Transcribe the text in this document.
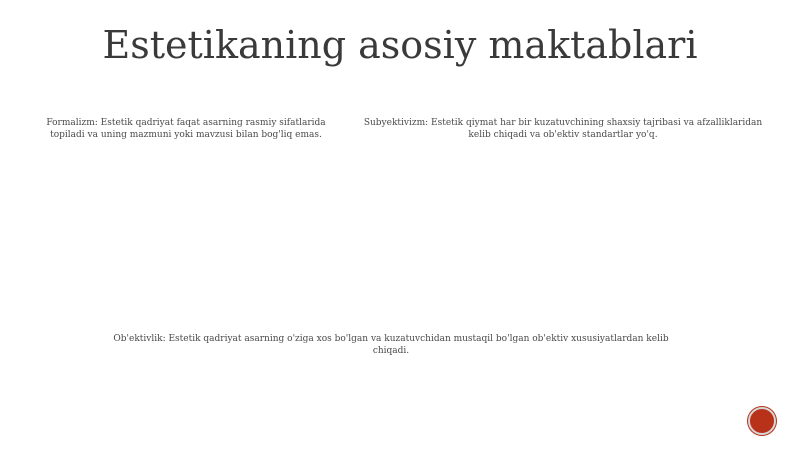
Estetikaning asosiy maktablari
Formalizm: Estetik qadriyat faqat asarning rasmiy sifatlarida topiladi va uning mazmuni yoki mavzusi bilan bog'liq emas.
Subyektivizm: Estetik qiymat har bir kuzatuvchining shaxsiy tajribasi va afzalliklaridan kelib chiqadi va ob'ektiv standartlar yo'q.
Ob'ektivlik: Estetik qadriyat asarning o'ziga xos bo'lgan va kuzatuvchidan mustaqil bo'lgan ob'ektiv xususiyatlardan kelib chiqadi.
